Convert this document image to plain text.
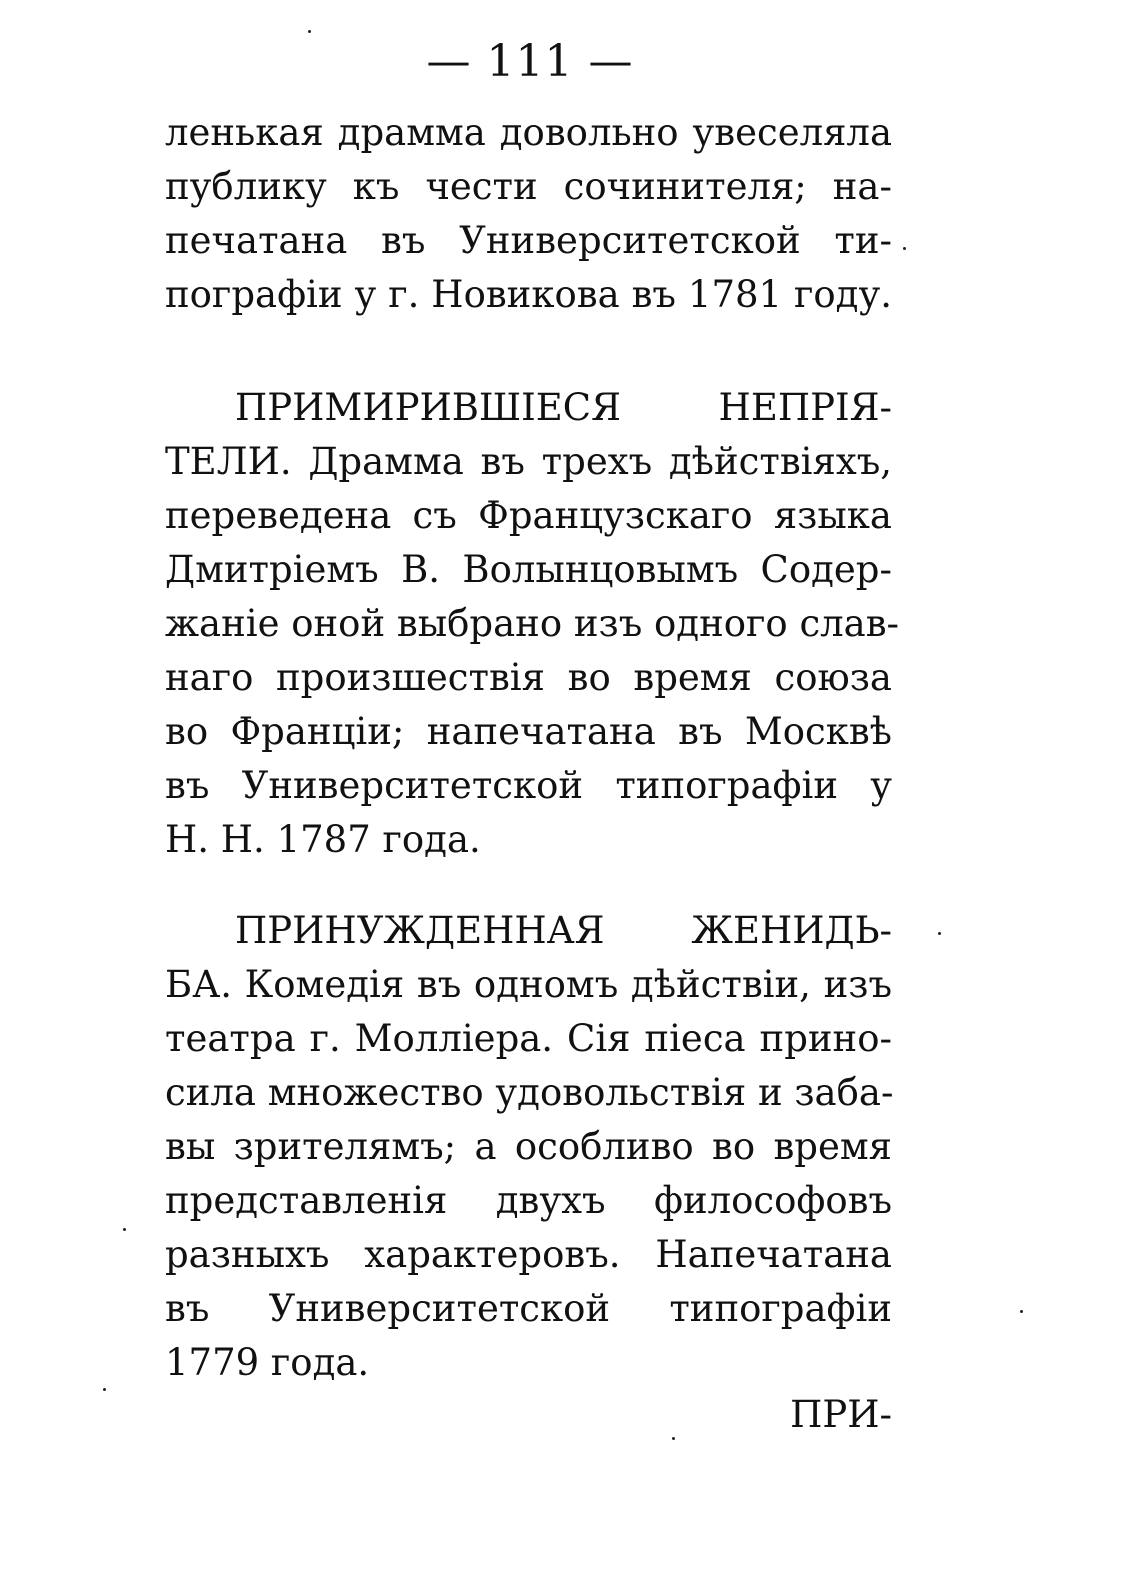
— 111 —
ленькая драмма довольно увеселяла
публику къ чести сочинителя; на-
печатана въ Университетской ти-
пографіи у г. Новикова въ 1781 году.
ПРИМИРИВШІЕСЯ НЕПРІЯ-
ТЕЛИ. Драмма въ трехъ дѣйствіяхъ,
переведена съ Французскаго языка
Дмитріемъ В. Волынцовымъ Содер-
жаніе оной выбрано изъ одного слав-
наго произшествія во время союза
во Франціи; напечатана въ Москвѣ
въ Университетской типографіи у
Н. Н. 1787 года.
ПРИНУЖДЕННАЯ ЖЕНИДЬ-
БА. Комедія въ одномъ дѣйствіи, изъ
театра г. Молліера. Сія піеса прино-
сила множество удовольствія и заба-
вы зрителямъ; а особливо во время
представленія двухъ философовъ
разныхъ характеровъ. Напечатана
въ Университетской типографіи
1779 года.
ПРИ-
